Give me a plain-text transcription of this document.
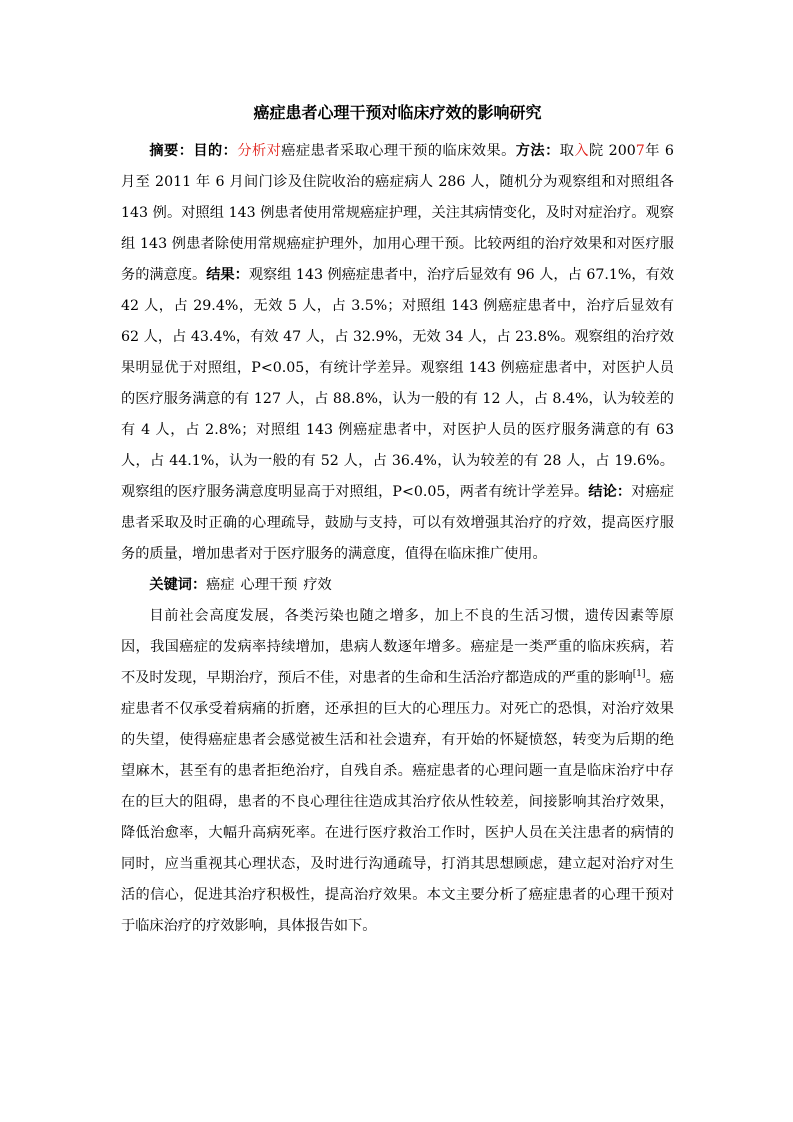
癌症患者心理干预对临床疗效的影响研究

摘要：目的：分析对癌症患者采取心理干预的临床效果。方法：取入院 2007年 6 月至 2011 年 6 月间门诊及住院收治的癌症病人 286 人，随机分为观察组和对照组各 143 例。对照组 143 例患者使用常规癌症护理，关注其病情变化，及时对症治疗。观察组 143 例患者除使用常规癌症护理外，加用心理干预。比较两组的治疗效果和对医疗服务的满意度。结果：观察组 143 例癌症患者中，治疗后显效有 96 人，占 67.1%，有效 42 人，占 29.4%，无效 5 人，占 3.5%；对照组 143 例癌症患者中，治疗后显效有 62 人，占 43.4%，有效 47 人，占 32.9%，无效 34 人，占 23.8%。观察组的治疗效果明显优于对照组，P<0.05，有统计学差异。观察组 143 例癌症患者中，对医护人员的医疗服务满意的有 127 人，占 88.8%，认为一般的有 12 人，占 8.4%，认为较差的有 4 人，占 2.8%；对照组 143 例癌症患者中，对医护人员的医疗服务满意的有 63 人，占 44.1%，认为一般的有 52 人，占 36.4%，认为较差的有 28 人，占 19.6%。观察组的医疗服务满意度明显高于对照组，P<0.05，两者有统计学差异。结论：对癌症患者采取及时正确的心理疏导，鼓励与支持，可以有效增强其治疗的疗效，提高医疗服务的质量，增加患者对于医疗服务的满意度，值得在临床推广使用。

关键词：癌症 心理干预 疗效

目前社会高度发展，各类污染也随之增多，加上不良的生活习惯，遗传因素等原因，我国癌症的发病率持续增加，患病人数逐年增多。癌症是一类严重的临床疾病，若不及时发现，早期治疗，预后不佳，对患者的生命和生活治疗都造成的严重的影响[1]。癌症患者不仅承受着病痛的折磨，还承担的巨大的心理压力。对死亡的恐惧，对治疗效果的失望，使得癌症患者会感觉被生活和社会遗弃，有开始的怀疑愤怒，转变为后期的绝望麻木，甚至有的患者拒绝治疗，自残自杀。癌症患者的心理问题一直是临床治疗中存在的巨大的阻碍，患者的不良心理往往造成其治疗依从性较差，间接影响其治疗效果，降低治愈率，大幅升高病死率。在进行医疗救治工作时，医护人员在关注患者的病情的同时，应当重视其心理状态，及时进行沟通疏导，打消其思想顾虑，建立起对治疗对生活的信心，促进其治疗积极性，提高治疗效果。本文主要分析了癌症患者的心理干预对于临床治疗的疗效影响，具体报告如下。
